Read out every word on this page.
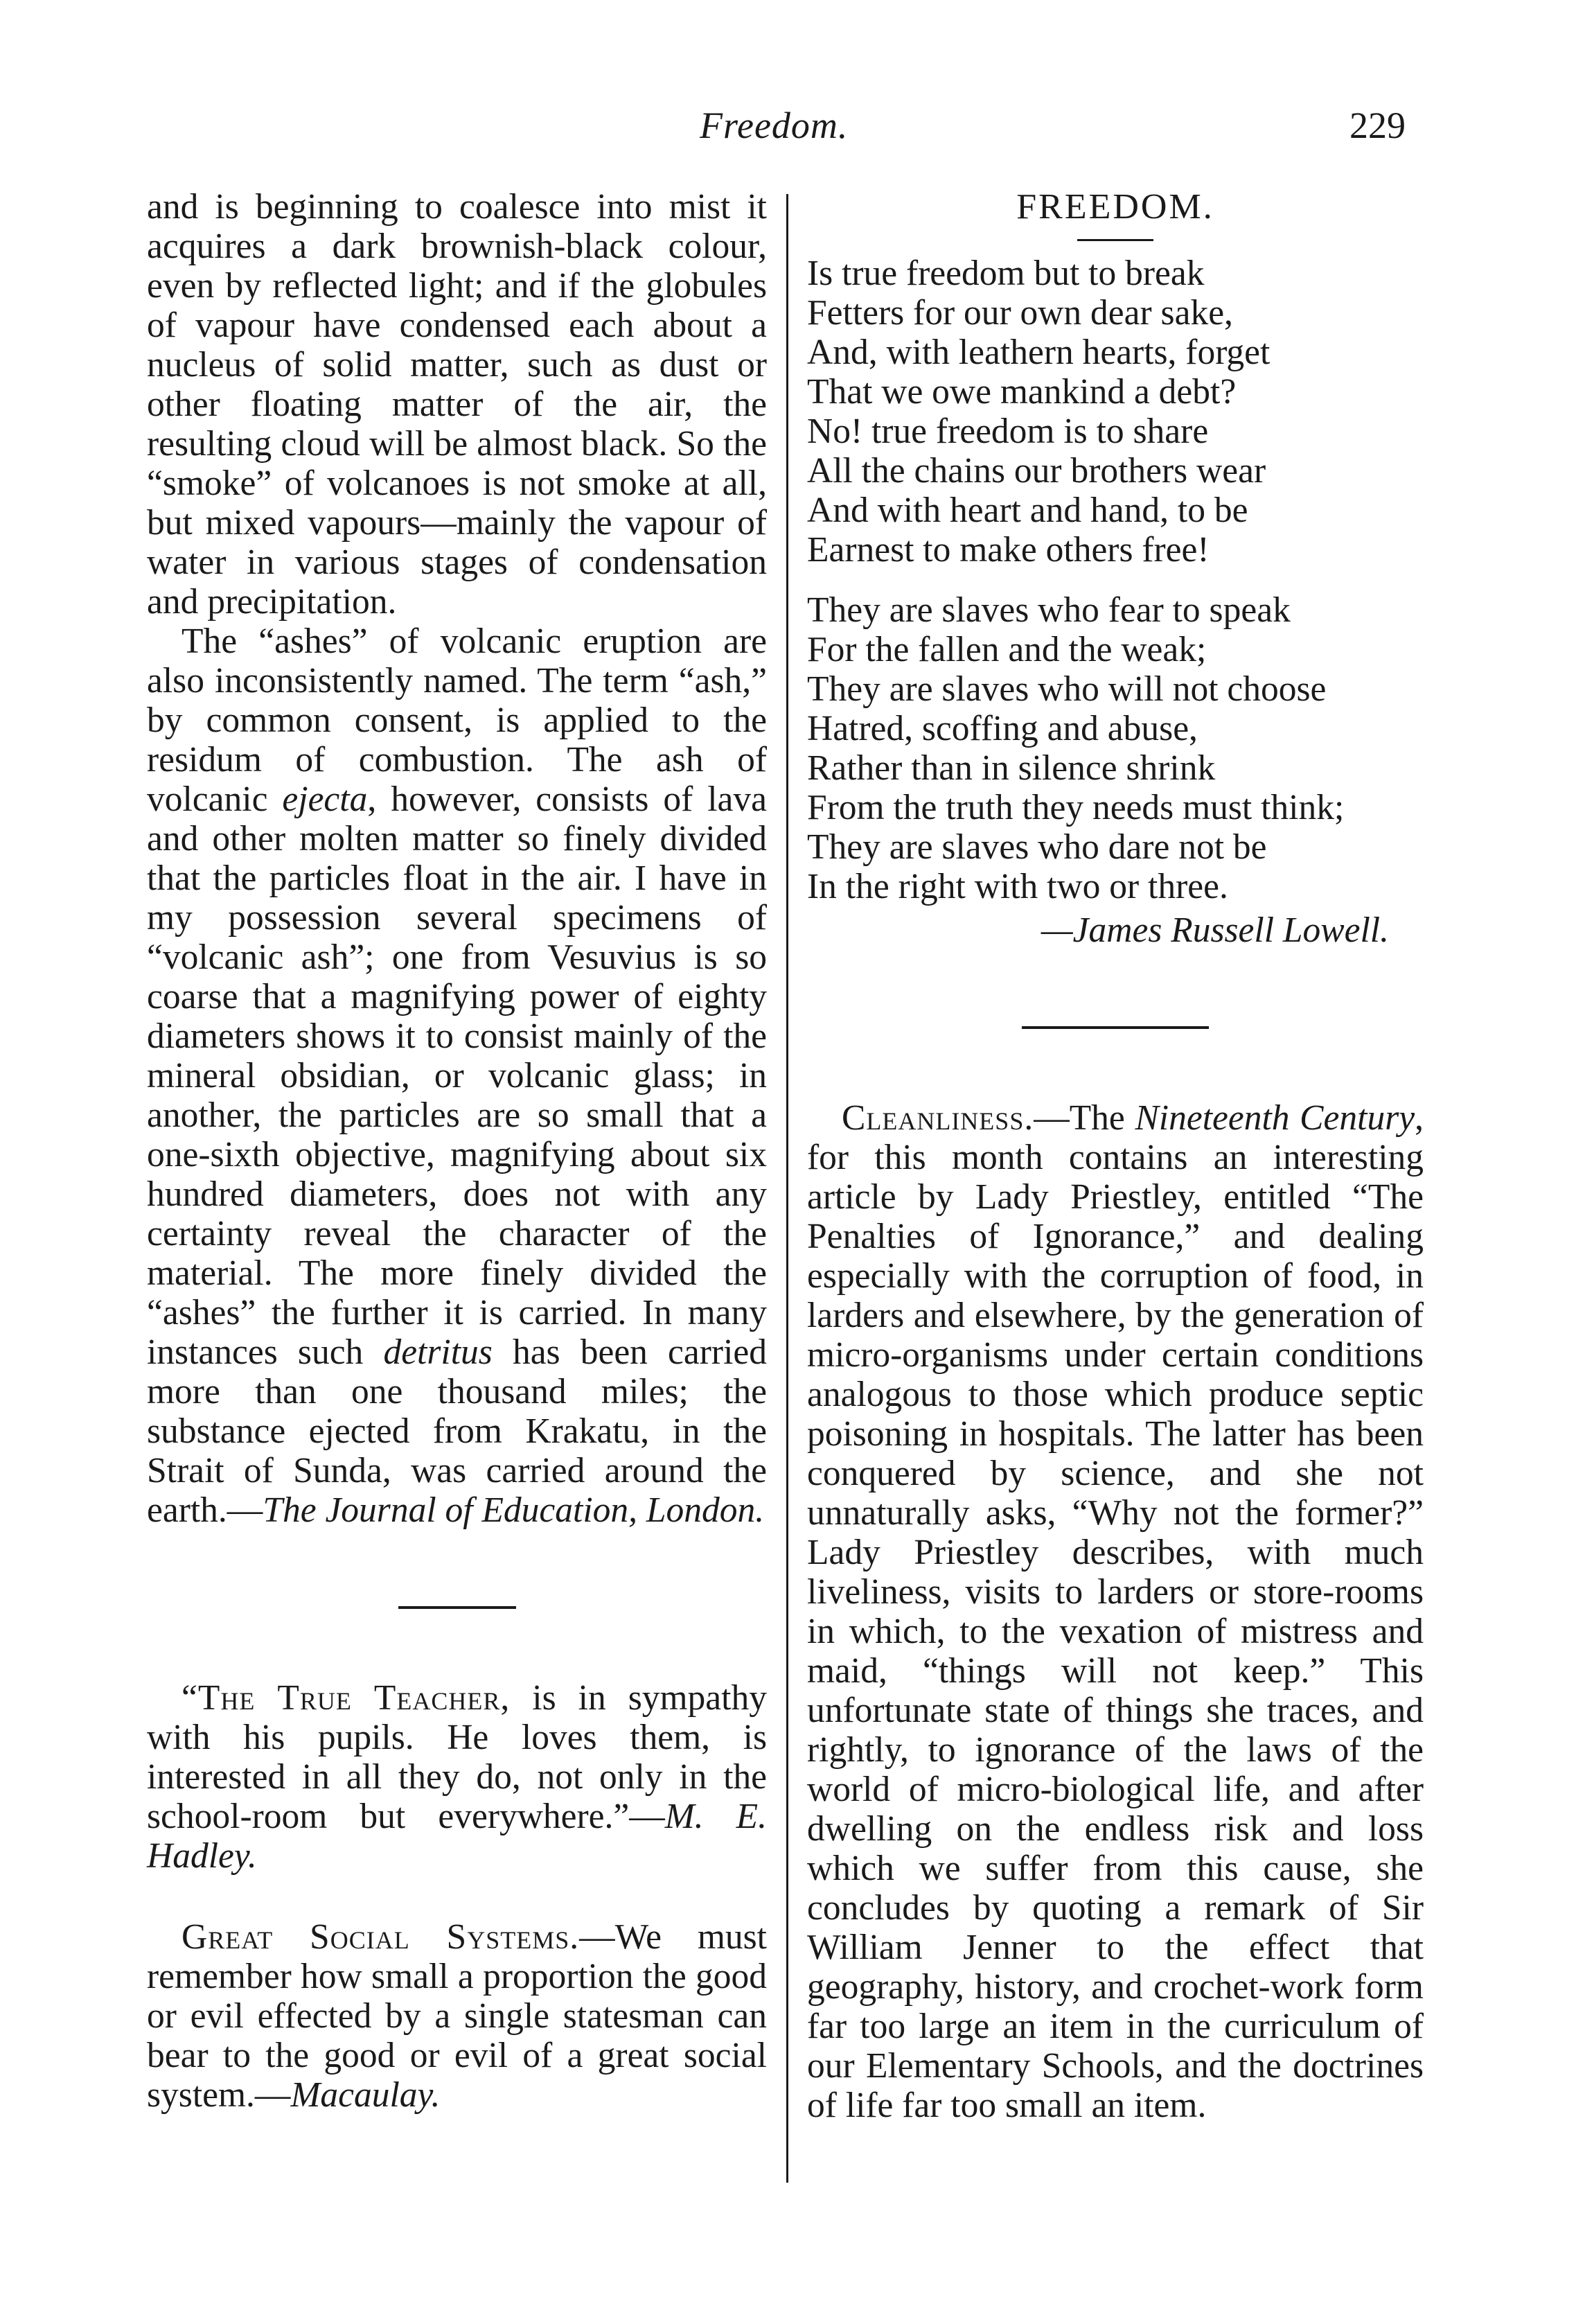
Freedom.	229

and is beginning to coalesce into mist it acquires a dark brownish-black colour, even by reflected light; and if the globules of vapour have condensed each about a nucleus of solid matter, such as dust or other floating matter of the air, the resulting cloud will be almost black. So the “smoke” of volcanoes is not smoke at all, but mixed vapours—mainly the vapour of water in various stages of condensation and precipitation.

The “ashes” of volcanic eruption are also inconsistently named. The term “ash,” by common consent, is applied to the residum of combustion. The ash of volcanic ejecta, however, consists of lava and other molten matter so finely divided that the particles float in the air. I have in my possession several specimens of “volcanic ash”; one from Vesuvius is so coarse that a magnifying power of eighty diameters shows it to consist mainly of the mineral obsidian, or volcanic glass; in another, the particles are so small that a one-sixth objective, magnifying about six hundred diameters, does not with any certainty reveal the character of the material. The more finely divided the “ashes” the further it is carried. In many instances such detritus has been carried more than one thousand miles; the substance ejected from Krakatu, in the Strait of Sunda, was carried around the earth.—The Journal of Education, London.

“The True Teacher, is in sympathy with his pupils. He loves them, is interested in all they do, not only in the school-room but everywhere.”—M. E. Hadley.

Great Social Systems.—We must remember how small a proportion the good or evil effected by a single statesman can bear to the good or evil of a great social system.—Macaulay.

FREEDOM.
Is true freedom but to break
Fetters for our own dear sake,
And, with leathern hearts, forget
That we owe mankind a debt?
No! true freedom is to share
All the chains our brothers wear
And with heart and hand, to be
Earnest to make others free!
They are slaves who fear to speak
For the fallen and the weak;
They are slaves who will not choose
Hatred, scoffing and abuse,
Rather than in silence shrink
From the truth they needs must think;
They are slaves who dare not be
In the right with two or three.
—James Russell Lowell.

Cleanliness.—The Nineteenth Century, for this month contains an interesting article by Lady Priestley, entitled “The Penalties of Ignorance,” and dealing especially with the corruption of food, in larders and elsewhere, by the generation of micro-organisms under certain conditions analogous to those which produce septic poisoning in hospitals. The latter has been conquered by science, and she not unnaturally asks, “Why not the former?” Lady Priestley describes, with much liveliness, visits to larders or store-rooms in which, to the vexation of mistress and maid, “things will not keep.” This unfortunate state of things she traces, and rightly, to ignorance of the laws of the world of micro-biological life, and after dwelling on the endless risk and loss which we suffer from this cause, she concludes by quoting a remark of Sir William Jenner to the effect that geography, history, and crochet-work form far too large an item in the curriculum of our Elementary Schools, and the doctrines of life far too small an item.
